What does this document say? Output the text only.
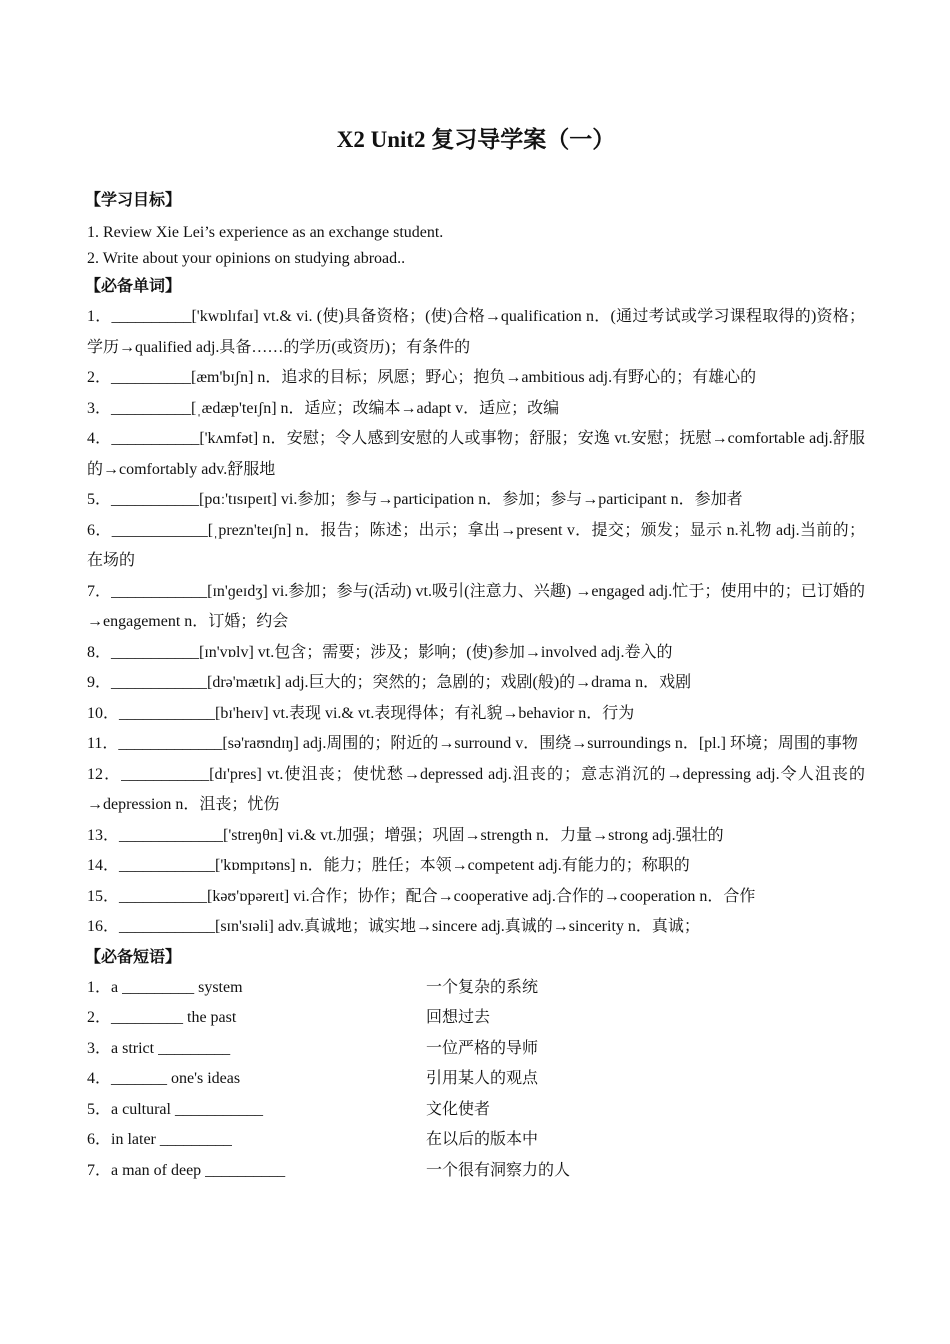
X2 Unit2 复习导学案（一）
【学习目标】
1. Review Xie Lei’s experience as an exchange student.
2. Write about your opinions on studying abroad..
【必备单词】
1．__________['kwɒlɪfaɪ] vt.& vi. (使)具备资格；(使)合格→qualification n．(通过考试或学习课程取得的)资格；学历→qualified adj.具备……的学历(或资历)；有条件的
2．__________[æm'bɪʃn] n．追求的目标；夙愿；野心；抱负→ambitious adj.有野心的；有雄心的
3．__________[ˌædæp'teɪʃn] n．适应；改编本→adapt v．适应；改编
4．___________['kʌmfət] n．安慰；令人感到安慰的人或事物；舒服；安逸 vt.安慰；抚慰→comfortable adj.舒服的→comfortably adv.舒服地
5．___________[pɑː'tɪsɪpeɪt] vi.参加；参与→participation n．参加；参与→participant n．参加者
6．____________[ˌprezn'teɪʃn] n．报告；陈述；出示；拿出→present v．提交；颁发；显示 n.礼物 adj.当前的；在场的
7．____________[ɪn'ɡeɪdʒ] vi.参加；参与(活动) vt.吸引(注意力、兴趣) →engaged adj.忙于；使用中的；已订婚的→engagement n．订婚；约会
8．___________[ɪn'vɒlv] vt.包含；需要；涉及；影响；(使)参加→involved adj.卷入的
9．____________[drə'mætɪk] adj.巨大的；突然的；急剧的；戏剧(般)的→drama n．戏剧
10．____________[bɪ'heɪv] vt.表现 vi.& vt.表现得体；有礼貌→behavior n．行为
11．_____________[sə'raʊndɪŋ] adj.周围的；附近的→surround v．围绕→surroundings n．[pl.] 环境；周围的事物
12．___________[dɪ'pres] vt.使沮丧；使忧愁→depressed adj.沮丧的；意志消沉的→depressing adj.令人沮丧的→depression n．沮丧；忧伤
13．_____________['streŋθn] vi.& vt.加强；增强；巩固→strength n．力量→strong adj.强壮的
14．____________['kɒmpɪtəns] n．能力；胜任；本领→competent adj.有能力的；称职的
15．___________[kəʊ'ɒpəreɪt] vi.合作；协作；配合→cooperative adj.合作的→cooperation n．合作
16．____________[sɪn'sɪəli] adv.真诚地；诚实地→sincere adj.真诚的→sincerity n．真诚；
【必备短语】
1．a _________ system	一个复杂的系统
2．_________ the past	回想过去
3．a strict _________	一位严格的导师
4．_______ one's ideas	引用某人的观点
5．a cultural ___________	文化使者
6．in later _________	在以后的版本中
7．a man of deep __________	一个很有洞察力的人
